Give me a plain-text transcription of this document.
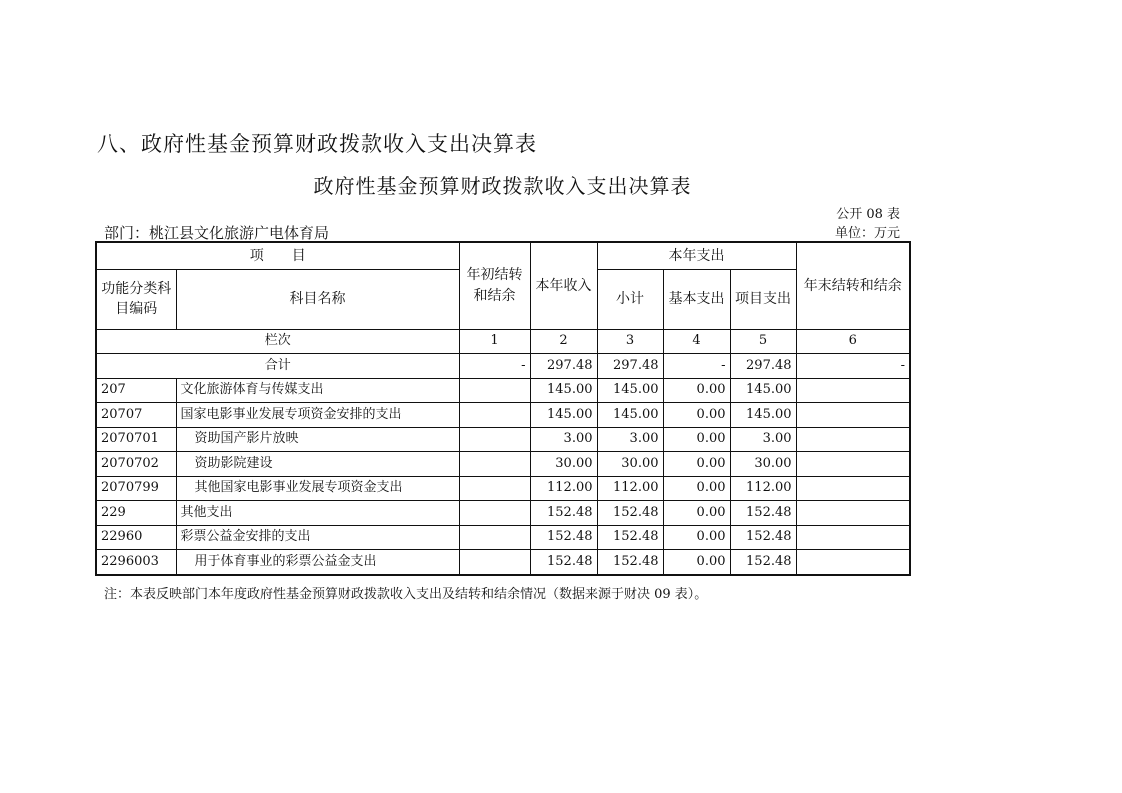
八、政府性基金预算财政拨款收入支出决算表
政府性基金预算财政拨款收入支出决算表
公开 08 表
部门：桃江县文化旅游广电体育局	单位：万元
项　　目		年初结转和结余	本年收入	本年支出			年末结转和结余
功能分类科目编码	科目名称			小计	基本支出	项目支出	
栏次		1	2	3	4	5	6
合计		-	297.48	297.48	-	297.48	-
207	文化旅游体育与传媒支出		145.00	145.00	0.00	145.00	
20707	国家电影事业发展专项资金安排的支出		145.00	145.00	0.00	145.00	
2070701	资助国产影片放映		3.00	3.00	0.00	3.00	
2070702	资助影院建设		30.00	30.00	0.00	30.00	
2070799	其他国家电影事业发展专项资金支出		112.00	112.00	0.00	112.00	
229	其他支出		152.48	152.48	0.00	152.48	
22960	彩票公益金安排的支出		152.48	152.48	0.00	152.48	
2296003	用于体育事业的彩票公益金支出		152.48	152.48	0.00	152.48	
注：本表反映部门本年度政府性基金预算财政拨款收入支出及结转和结余情况（数据来源于财决 09 表）。
